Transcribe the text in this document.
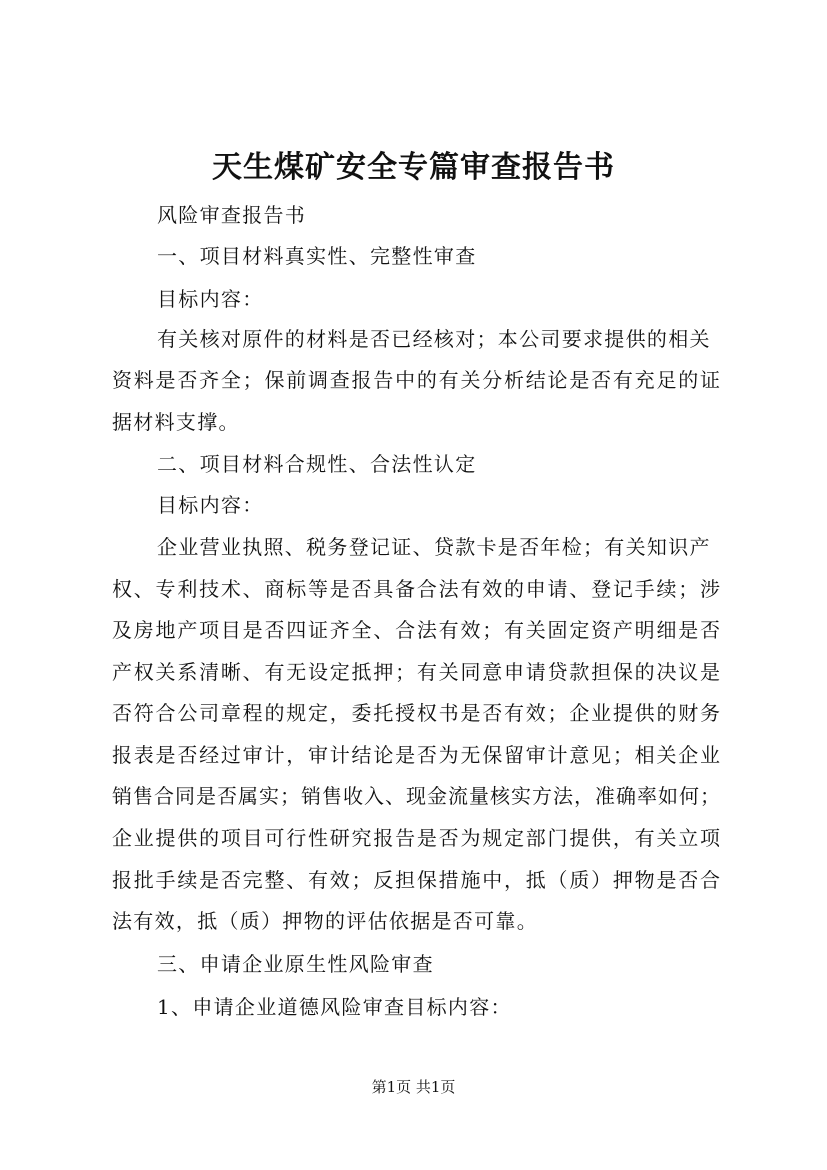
天生煤矿安全专篇审查报告书

风险审查报告书

一、项目材料真实性、完整性审查

目标内容：

有关核对原件的材料是否已经核对；本公司要求提供的相关

资料是否齐全；保前调查报告中的有关分析结论是否有充足的证

据材料支撑。

二、项目材料合规性、合法性认定

目标内容：

企业营业执照、税务登记证、贷款卡是否年检；有关知识产

权、专利技术、商标等是否具备合法有效的申请、登记手续；涉

及房地产项目是否四证齐全、合法有效；有关固定资产明细是否

产权关系清晰、有无设定抵押；有关同意申请贷款担保的决议是

否符合公司章程的规定，委托授权书是否有效；企业提供的财务

报表是否经过审计，审计结论是否为无保留审计意见；相关企业

销售合同是否属实；销售收入、现金流量核实方法，准确率如何；

企业提供的项目可行性研究报告是否为规定部门提供，有关立项

报批手续是否完整、有效；反担保措施中，抵（质）押物是否合

法有效，抵（质）押物的评估依据是否可靠。

三、申请企业原生性风险审查

1、申请企业道德风险审查目标内容：

第1页 共1页
